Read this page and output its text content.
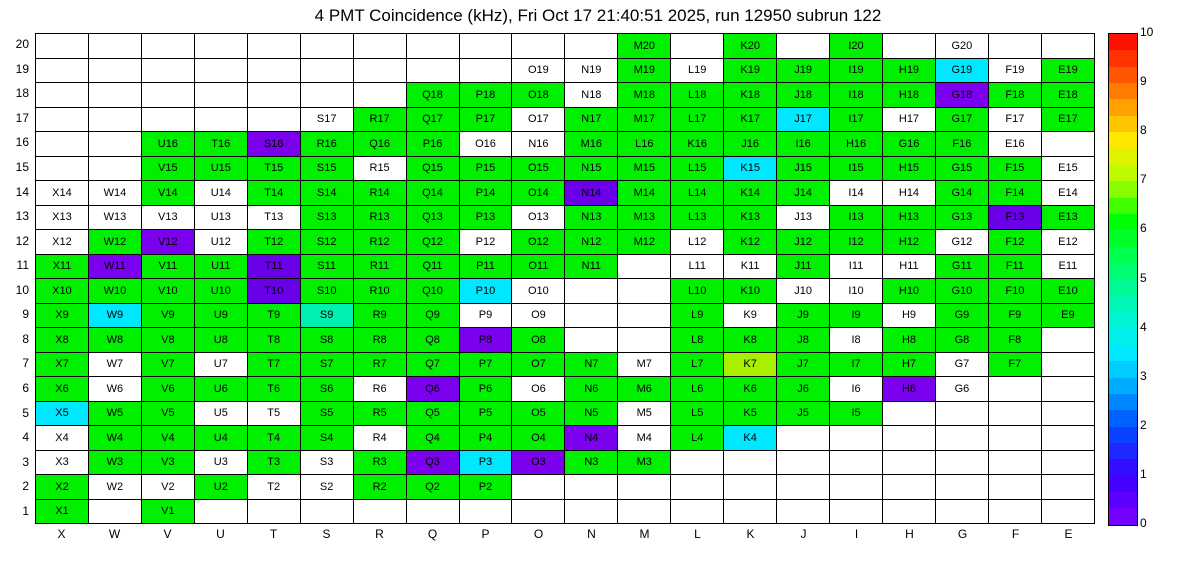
4 PMT Coincidence (kHz), Fri Oct 17 21:40:51 2025, run 12950 subrun 122
20
19
18
17
16
15
14
13
12
11
10
9
8
7
6
5
4
3
2
1
											M20		K20		I20		G20		
									O19	N19	M19	L19	K19	J19	I19	H19	G19	F19	E19
							Q18	P18	O18	N18	M18	L18	K18	J18	I18	H18	G18	F18	E18
					S17	R17	Q17	P17	O17	N17	M17	L17	K17	J17	I17	H17	G17	F17	E17
		U16	T16	S16	R16	Q16	P16	O16	N16	M16	L16	K16	J16	I16	H16	G16	F16	E16	
		V15	U15	T15	S15	R15	Q15	P15	O15	N15	M15	L15	K15	J15	I15	H15	G15	F15	E15
X14	W14	V14	U14	T14	S14	R14	Q14	P14	O14	N14	M14	L14	K14	J14	I14	H14	G14	F14	E14
X13	W13	V13	U13	T13	S13	R13	Q13	P13	O13	N13	M13	L13	K13	J13	I13	H13	G13	F13	E13
X12	W12	V12	U12	T12	S12	R12	Q12	P12	O12	N12	M12	L12	K12	J12	I12	H12	G12	F12	E12
X11	W11	V11	U11	T11	S11	R11	Q11	P11	O11	N11		L11	K11	J11	I11	H11	G11	F11	E11
X10	W10	V10	U10	T10	S10	R10	Q10	P10	O10			L10	K10	J10	I10	H10	G10	F10	E10
X9	W9	V9	U9	T9	S9	R9	Q9	P9	O9			L9	K9	J9	I9	H9	G9	F9	E9
X8	W8	V8	U8	T8	S8	R8	Q8	P8	O8			L8	K8	J8	I8	H8	G8	F8	
X7	W7	V7	U7	T7	S7	R7	Q7	P7	O7	N7	M7	L7	K7	J7	I7	H7	G7	F7	
X6	W6	V6	U6	T6	S6	R6	Q6	P6	O6	N6	M6	L6	K6	J6	I6	H6	G6		
X5	W5	V5	U5	T5	S5	R5	Q5	P5	O5	N5	M5	L5	K5	J5	I5				
X4	W4	V4	U4	T4	S4	R4	Q4	P4	O4	N4	M4	L4	K4						
X3	W3	V3	U3	T3	S3	R3	Q3	P3	O3	N3	M3								
X2	W2	V2	U2	T2	S2	R2	Q2	P2											
X1		V1																	
X	W	V	U	T	S	R	Q	P	O	N	M	L	K	J	I	H	G	F	E
0
1
2
3
4
5
6
7
8
9
10
